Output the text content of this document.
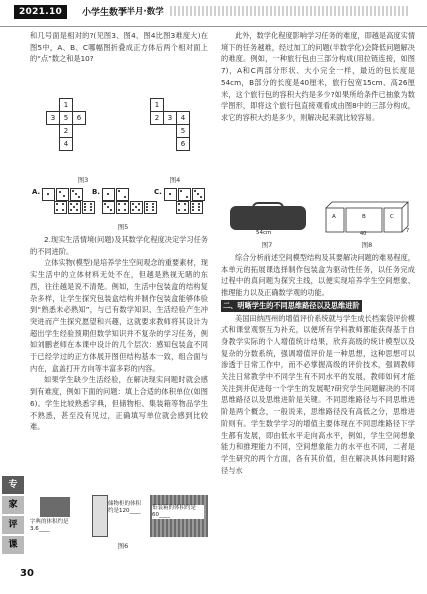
2021.10	小学生数学
下半月·数学

和几号面是相对的?(见图3、图4、图4比图3难度大)在图5中，A、B、C哪幅图折叠成正方体后两个相对面上的“点”数之和是10?

	1		
3	5	6	
	2		
	4		
图3
1		
2	3	4
		5
		6
图4
A.	B.	C.
图5

2.现实生活情境(问题)及其数学化程度决定学习任务的不同进阶。

立体实物(模型)是培养学生空间观念的重要素材，现实生活中的立体材料无处不在，但越是熟视无睹的东西，往往越是说不清楚。例如，生活中包装盒的结构复杂多样，让学生探究包装盒结构并制作包装盒能够体验到“熟悉未必熟知”，与已有数学知识、生活经验产生冲突进而产生探究愿望和兴趣，这就要求教师将其设计为超出学生经验预期但数学知识并不复杂的学习任务，例如刘鹏老师在本课中设计的几个层次：感知包装盒不同于已经学过的正方体展开图但结构基本一致，组合面与内在，盒盖打开方向等丰富多彩的内容。

如果学生缺少生活经验，在解决现实问题时就会感到有难度，例如下面的问题：填上合适的体积单位(如图6)。学生比较熟悉字典，但储物柜、集装箱等物品学生不熟悉，甚至没有见过，正确填写单位就会感到比较难。

字典的体积约是3.6____
储物柜的体积约是120____	集装箱的体积约是60____
图6

此外，数学化程度影响学习任务的难度，即越是高度实情境下的任务越难，经过加工的问题(半数学化)会降低问题解决的难度。例如，一种旅行包由三部分构成(用拉链连接，如图7)，A和C两部分形状、大小完全一样，最近的包长度是54cm，B部分的长度是40厘米，旅行包宽15cm、高26厘米，这个旅行包的容积大约是多少?如果所给条件已抽象为数学图形，即将这个旅行包直接观看成由图8中的三部分构成，求它的容积大约是多少，则解决起来就比较容易。

54cm
图7
A	B	C
40	7
图8

综合分析前述空间模型结构及其要解决问题的难易程度，本单元的拓展课选择制作包装盒为驱动性任务，以任务完成过程中的真问题为探究主线，以便实现培养学生空间想象、推理能力以及正确数学观的功能。

二、明晰学生的不同思维路径以及思维进阶

美国田纳西州的增值评价系统就与学生成长档案袋评价模式和课堂观察互为补充，以便所有学科教师都能获得基于自身教学实际的个人增值统计结果，欣弃高级的统计模型以及复杂的分数系统，强调增值评价是一种思想，这种思想可以渗透于日常工作中，而不必掌握高级的评价技术，强调教师关注日常教学中不同学生有不同水平的发展，教师如何才能关注到并促进每一个学生的发展呢?研究学生问题解决的不同思维路径以及思维进阶是关键。不同思维路径与不同思维进阶是两个概念，一般说来，思维路径没有高低之分，思维进阶则有。学生数学学习的增值主要体现在不同思维路径下学生都有发展，即由低水平走向高水平，例如，学生空间想象能力和推理能力不同，空间想象能力的水平也不同，二者是学生研究的两个方面，各有其价值，但在解决具体问题时路径与水

专
家
评
课
30
